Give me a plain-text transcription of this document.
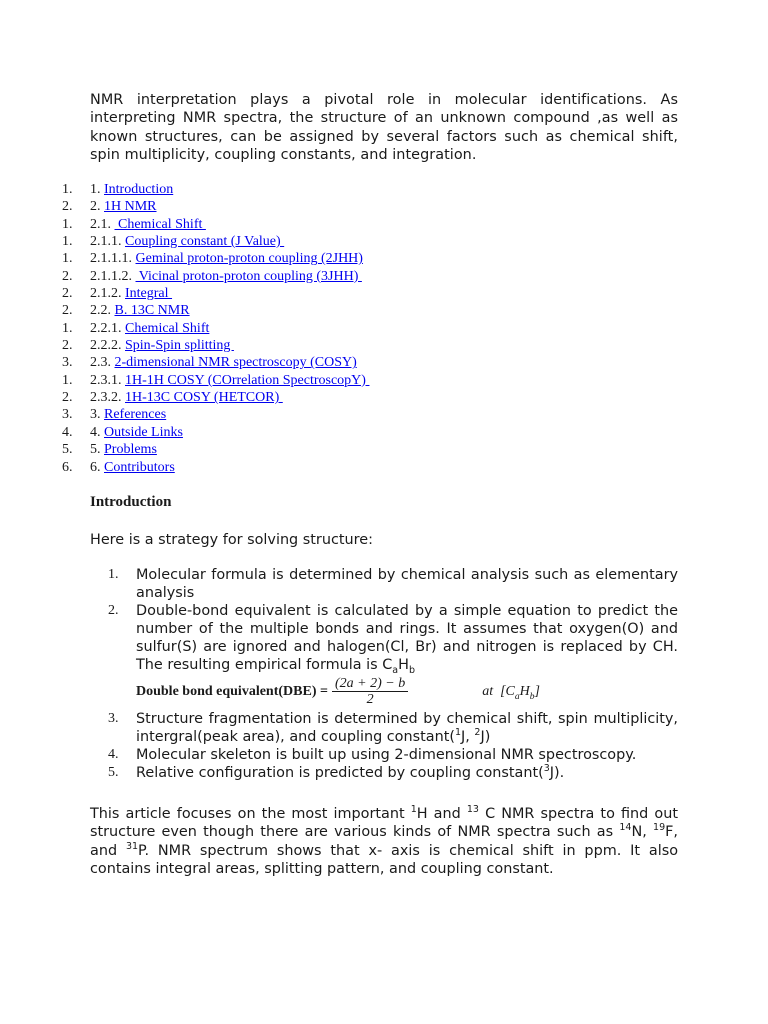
NMR interpretation plays a pivotal role in molecular identifications. As interpreting NMR spectra, the structure of an unknown compound ,as well as known structures, can be assigned by several factors such as chemical shift, spin multiplicity, coupling constants, and integration.

1. 1. Introduction
2. 2. 1H NMR
1. 2.1.  Chemical Shift
1. 2.1.1. Coupling constant (J Value)
1. 2.1.1.1. Geminal proton-proton coupling (2JHH)
2. 2.1.1.2.  Vicinal proton-proton coupling (3JHH)
2. 2.1.2. Integral
2. 2.2. B. 13C NMR
1. 2.2.1. Chemical Shift
2. 2.2.2. Spin-Spin splitting
3. 2.3. 2-dimensional NMR spectroscopy (COSY)
1. 2.3.1. 1H-1H COSY (COrrelation SpectroscopY)
2. 2.3.2. 1H-13C COSY (HETCOR)
3. 3. References
4. 4. Outside Links
5. 5. Problems
6. 6. Contributors
Introduction
Here is a strategy for solving structure:
1.	Molecular formula is determined by chemical analysis such as elementary analysis
2.	Double-bond equivalent is calculated by a simple equation to predict the number of the multiple bonds and rings. It assumes that oxygen(O) and sulfur(S) are ignored and halogen(Cl, Br) and nitrogen is replaced by CH. The resulting empirical formula is $C_aH_b$
Double bond equivalent(DBE) = $\frac{(2a + 2) - b}{2}$	at $[C_aH_b]$
3.	Structure fragmentation is determined by chemical shift, spin multiplicity, intergral(peak area), and coupling constant($^1$J, $^2$J)
4.	Molecular skeleton is built up using 2-dimensional NMR spectroscopy.
5.	Relative configuration is predicted by coupling constant($^3$J).

This article focuses on the most important $^1$H and $^{13}$ C NMR spectra to find out structure even though there are various kinds of NMR spectra such as $^{14}$N, $^{19}$F, and $^{31}$P. NMR spectrum shows that x- axis is chemical shift in ppm. It also contains integral areas, splitting pattern, and coupling constant.
